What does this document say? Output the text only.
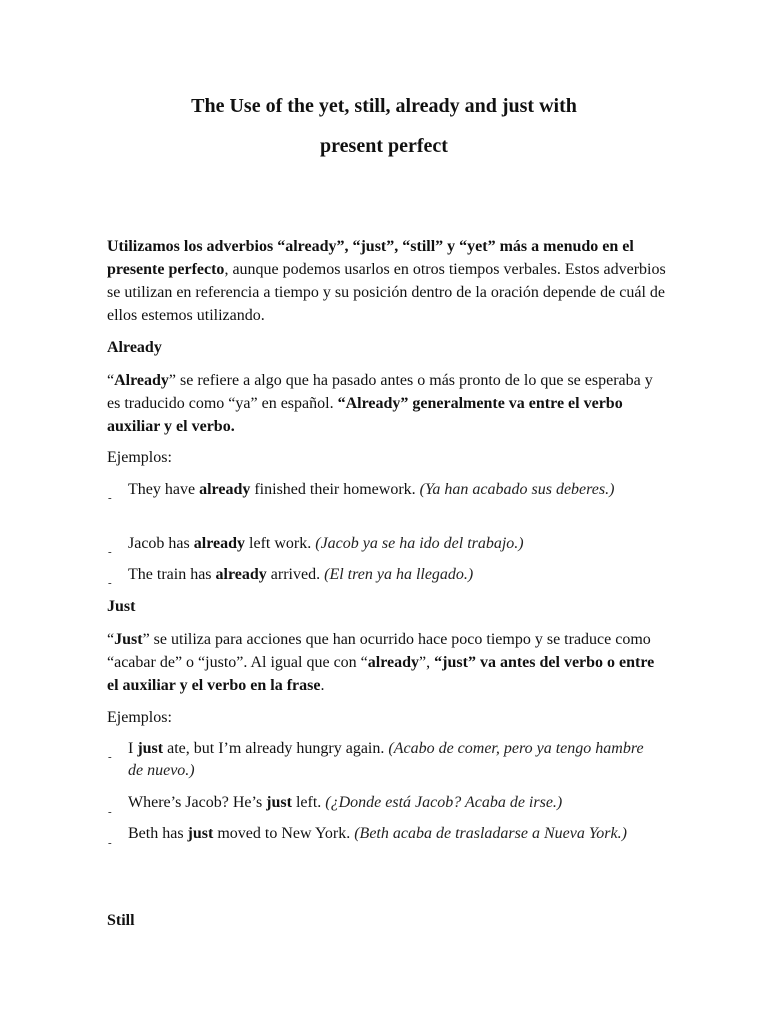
The Use of the yet, still, already and just with
present perfect
Utilizamos los adverbios “already”, “just”, “still” y “yet” más a menudo en el presente perfecto, aunque podemos usarlos en otros tiempos verbales. Estos adverbios se utilizan en referencia a tiempo y su posición dentro de la oración depende de cuál de ellos estemos utilizando.
Already
“Already” se refiere a algo que ha pasado antes o más pronto de lo que se esperaba y es traducido como “ya” en español. “Already” generalmente va entre el verbo auxiliar y el verbo.
Ejemplos:
- They have already finished their homework. (Ya han acabado sus deberes.)
- Jacob has already left work. (Jacob ya se ha ido del trabajo.)
- The train has already arrived. (El tren ya ha llegado.)
Just
“Just” se utiliza para acciones que han ocurrido hace poco tiempo y se traduce como “acabar de” o “justo”. Al igual que con “already”, “just” va antes del verbo o entre el auxiliar y el verbo en la frase.
Ejemplos:
- I just ate, but I’m already hungry again. (Acabo de comer, pero ya tengo hambre de nuevo.)
-
Where’s Jacob? He’s just left. (¿Donde está Jacob? Acaba de irse.)
-
Beth has just moved to New York. (Beth acaba de trasladarse a Nueva York.)
Still
